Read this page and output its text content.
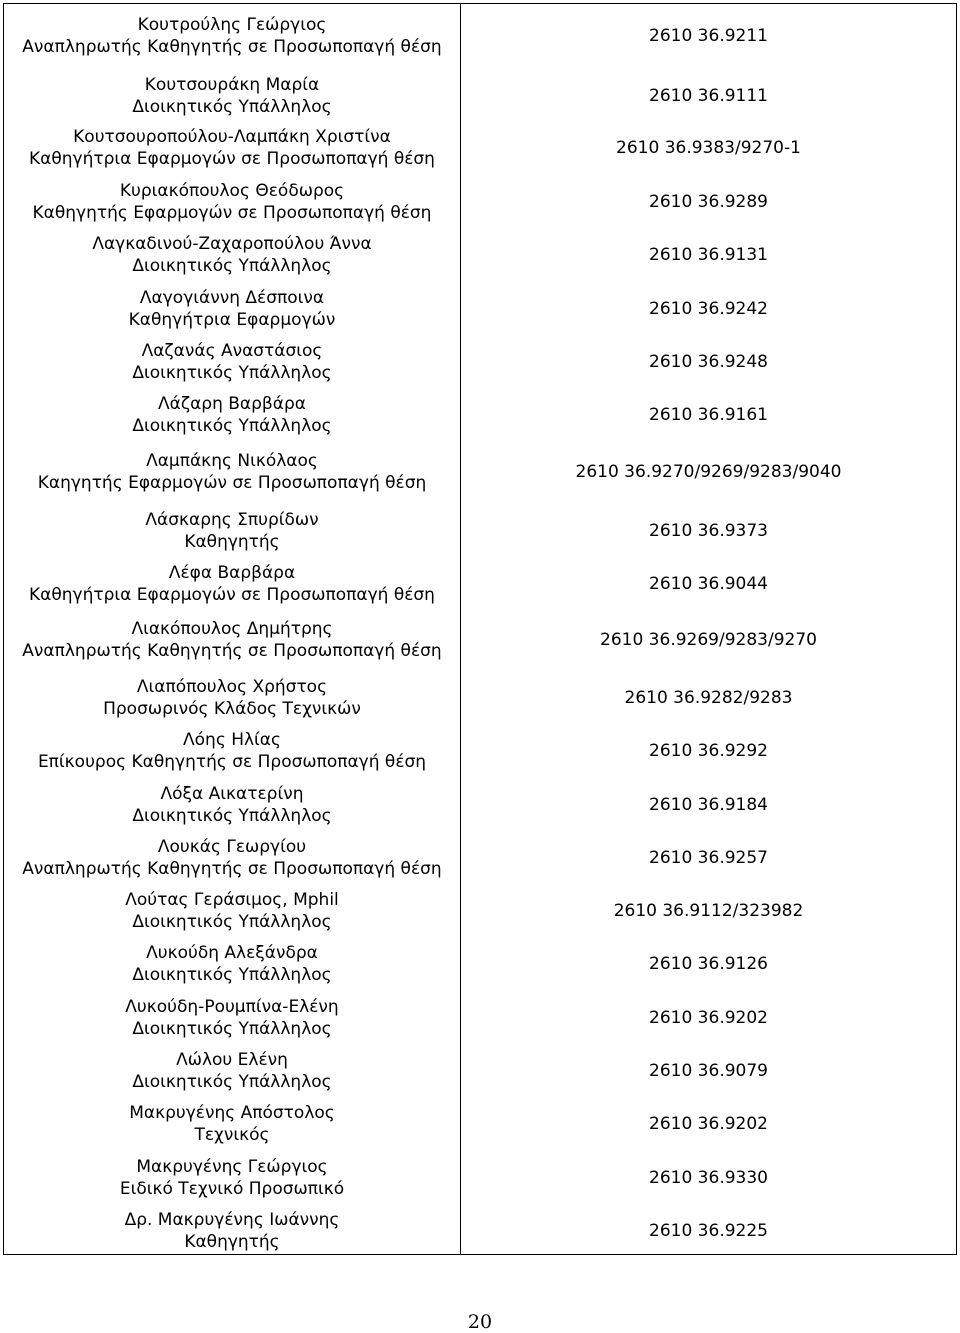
Κουτρούλης Γεώργιος
Αναπληρωτής Καθηγητής σε Προσωποπαγή θέση
2610 36.9211
Κουτσουράκη Μαρία
Διοικητικός Υπάλληλος
2610 36.9111
Κουτσουροπούλου-Λαμπάκη Χριστίνα
Καθηγήτρια Εφαρμογών σε Προσωποπαγή θέση
2610 36.9383/9270-1
Κυριακόπουλος Θεόδωρος
Καθηγητής Εφαρμογών σε Προσωποπαγή θέση
2610 36.9289
Λαγκαδινού-Ζαχαροπούλου Άννα
Διοικητικός Υπάλληλος
2610 36.9131
Λαγογιάννη Δέσποινα
Καθηγήτρια Εφαρμογών
2610 36.9242
Λαζανάς Αναστάσιος
Διοικητικός Υπάλληλος
2610 36.9248
Λάζαρη Βαρβάρα
Διοικητικός Υπάλληλος
2610 36.9161
Λαμπάκης Νικόλαος
Καηγητής Εφαρμογών σε Προσωποπαγή θέση
2610 36.9270/9269/9283/9040
Λάσκαρης Σπυρίδων
Καθηγητής
2610 36.9373
Λέφα Βαρβάρα
Καθηγήτρια Εφαρμογών σε Προσωποπαγή θέση
2610 36.9044
Λιακόπουλος Δημήτρης
Αναπληρωτής Καθηγητής σε Προσωποπαγή θέση
2610 36.9269/9283/9270
Λιαπόπουλος Χρήστος
Προσωρινός Κλάδος Τεχνικών
2610 36.9282/9283
Λόης Ηλίας
Επίκουρος Καθηγητής σε Προσωποπαγή θέση
2610 36.9292
Λόξα Αικατερίνη
Διοικητικός Υπάλληλος
2610 36.9184
Λουκάς Γεωργίου
Αναπληρωτής Καθηγητής σε Προσωποπαγή θέση
2610 36.9257
Λούτας Γεράσιμος, Mphil
Διοικητικός Υπάλληλος
2610 36.9112/323982
Λυκούδη Αλεξάνδρα
Διοικητικός Υπάλληλος
2610 36.9126
Λυκούδη-Ρουμπίνα-Ελένη
Διοικητικός Υπάλληλος
2610 36.9202
Λώλου Ελένη
Διοικητικός Υπάλληλος
2610 36.9079
Μακρυγένης Απόστολος
Τεχνικός
2610 36.9202
Μακρυγένης Γεώργιος
Ειδικό Τεχνικό Προσωπικό
2610 36.9330
Δρ. Μακρυγένης Ιωάννης
Καθηγητής
2610 36.9225
20
